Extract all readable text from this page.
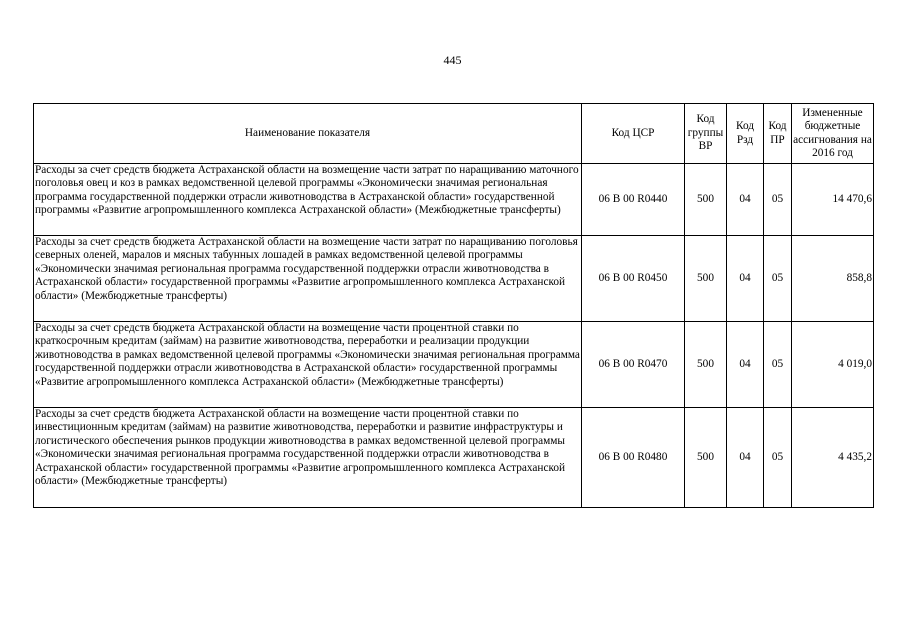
445
Наименование показателя	Код ЦСР	Код группы ВР	Код Рзд	Код ПР	Измененные бюджетные ассигнования на 2016 год
Расходы за счет средств бюджета Астраханской области на возмещение части затрат по наращиванию маточного поголовья овец и коз в рамках ведомственной целевой программы «Экономически значимая региональная программа государственной поддержки отрасли животноводства в Астраханской области» государственной программы «Развитие агропромышленного комплекса Астраханской области» (Межбюджетные трансферты)	06 В 00 R0440	500	04	05	14 470,6
Расходы за счет средств бюджета Астраханской области на возмещение части затрат по наращиванию поголовья северных оленей, маралов и мясных табунных лошадей в рамках ведомственной целевой программы «Экономически значимая региональная программа государственной поддержки отрасли животноводства в Астраханской области» государственной программы «Развитие агропромышленного комплекса Астраханской области» (Межбюджетные трансферты)	06 В 00 R0450	500	04	05	858,8
Расходы за счет средств бюджета Астраханской области на возмещение части процентной ставки по краткосрочным кредитам (займам) на развитие животноводства, переработки и реализации продукции животноводства в рамках ведомственной целевой программы «Экономически значимая региональная программа государственной поддержки отрасли животноводства в Астраханской области» государственной программы «Развитие агропромышленного комплекса Астраханской области» (Межбюджетные трансферты)	06 В 00 R0470	500	04	05	4 019,0
Расходы за счет средств бюджета Астраханской области на возмещение части процентной ставки по инвестиционным кредитам (займам) на развитие животноводства, переработки и развитие инфраструктуры и логистического обеспечения рынков продукции животноводства в рамках ведомственной целевой программы «Экономически значимая региональная программа государственной поддержки отрасли животноводства в Астраханской области» государственной программы «Развитие агропромышленного комплекса Астраханской области» (Межбюджетные трансферты)	06 В 00 R0480	500	04	05	4 435,2
